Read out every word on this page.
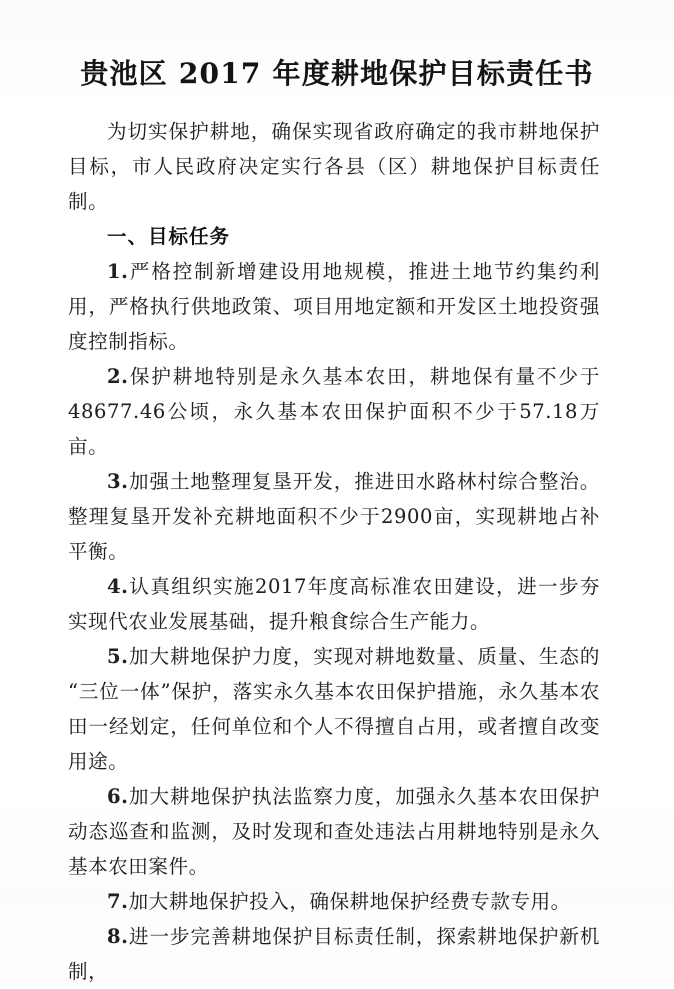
贵池区 2017 年度耕地保护目标责任书

为切实保护耕地，确保实现省政府确定的我市耕地保护目标，市人民政府决定实行各县（区）耕地保护目标责任制。

一、目标任务

1.严格控制新增建设用地规模，推进土地节约集约利用，严格执行供地政策、项目用地定额和开发区土地投资强度控制指标。

2.保护耕地特别是永久基本农田，耕地保有量不少于48677.46公顷，永久基本农田保护面积不少于57.18万亩。

3.加强土地整理复垦开发，推进田水路林村综合整治。整理复垦开发补充耕地面积不少于2900亩，实现耕地占补平衡。

4.认真组织实施2017年度高标准农田建设，进一步夯实现代农业发展基础，提升粮食综合生产能力。

5.加大耕地保护力度，实现对耕地数量、质量、生态的“三位一体”保护，落实永久基本农田保护措施，永久基本农田一经划定，任何单位和个人不得擅自占用，或者擅自改变用途。

6.加大耕地保护执法监察力度，加强永久基本农田保护动态巡查和监测，及时发现和查处违法占用耕地特别是永久基本农田案件。

7.加大耕地保护投入，确保耕地保护经费专款专用。

8.进一步完善耕地保护目标责任制，探索耕地保护新机制，
